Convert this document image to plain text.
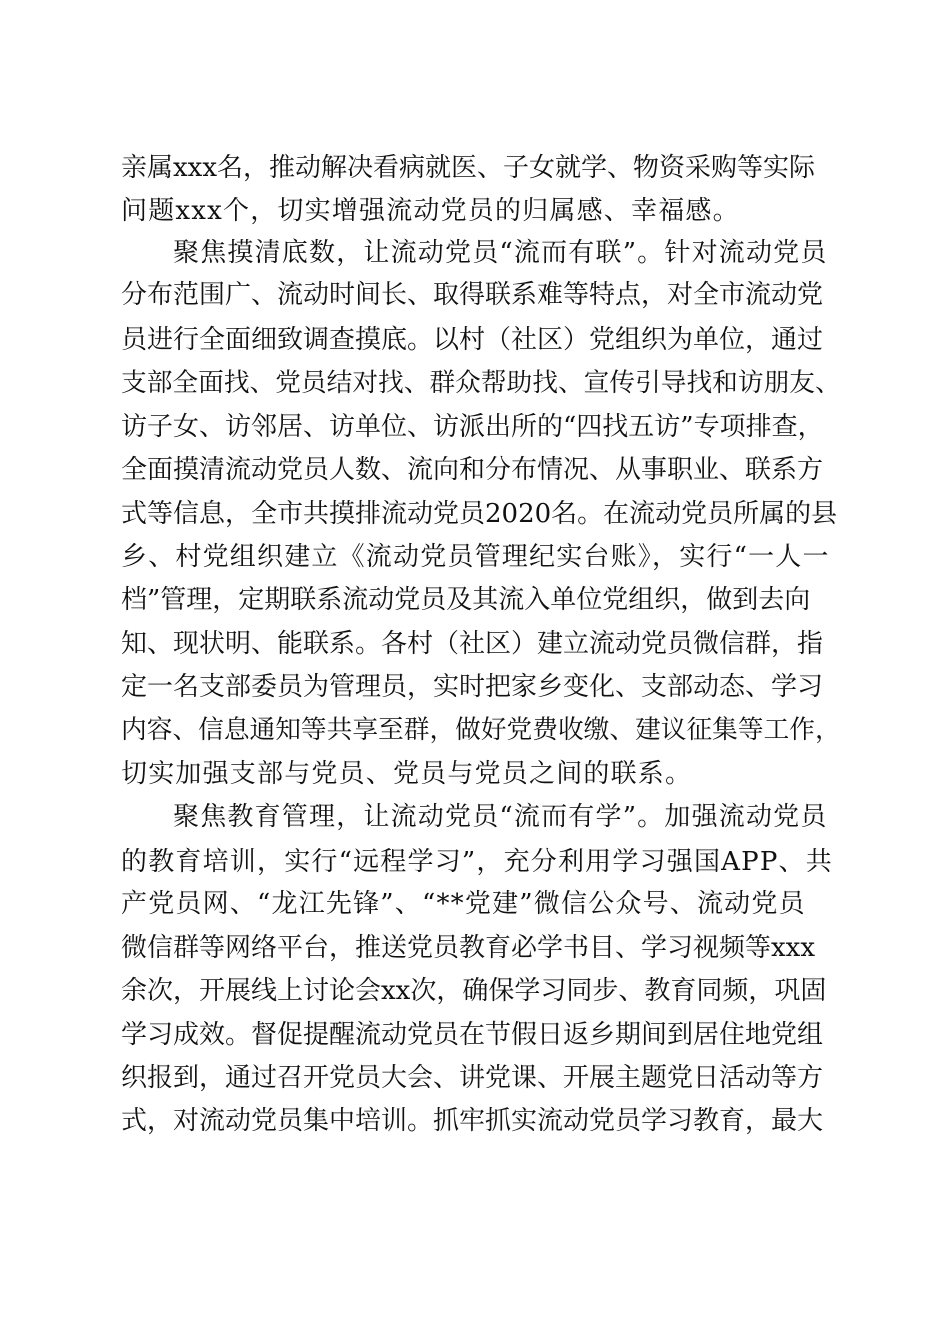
亲属xxx名，推动解决看病就医、子女就学、物资采购等实际
问题xxx个，切实增强流动党员的归属感、幸福感。
聚焦摸清底数，让流动党员“流而有联”。针对流动党员
分布范围广、流动时间长、取得联系难等特点，对全市流动党
员进行全面细致调查摸底。以村（社区）党组织为单位，通过
支部全面找、党员结对找、群众帮助找、宣传引导找和访朋友、
访子女、访邻居、访单位、访派出所的“四找五访”专项排查，
全面摸清流动党员人数、流向和分布情况、从事职业、联系方
式等信息，全市共摸排流动党员2020名。在流动党员所属的县
乡、村党组织建立《流动党员管理纪实台账》，实行“一人一
档”管理，定期联系流动党员及其流入单位党组织，做到去向
知、现状明、能联系。各村（社区）建立流动党员微信群，指
定一名支部委员为管理员，实时把家乡变化、支部动态、学习
内容、信息通知等共享至群，做好党费收缴、建议征集等工作，
切实加强支部与党员、党员与党员之间的联系。
聚焦教育管理，让流动党员“流而有学”。加强流动党员
的教育培训，实行“远程学习”，充分利用学习强国APP、共
产党员网、“龙江先锋”、“**党建”微信公众号、流动党员
微信群等网络平台，推送党员教育必学书目、学习视频等xxx
余次，开展线上讨论会xx次，确保学习同步、教育同频，巩固
学习成效。督促提醒流动党员在节假日返乡期间到居住地党组
织报到，通过召开党员大会、讲党课、开展主题党日活动等方
式，对流动党员集中培训。抓牢抓实流动党员学习教育，最大
